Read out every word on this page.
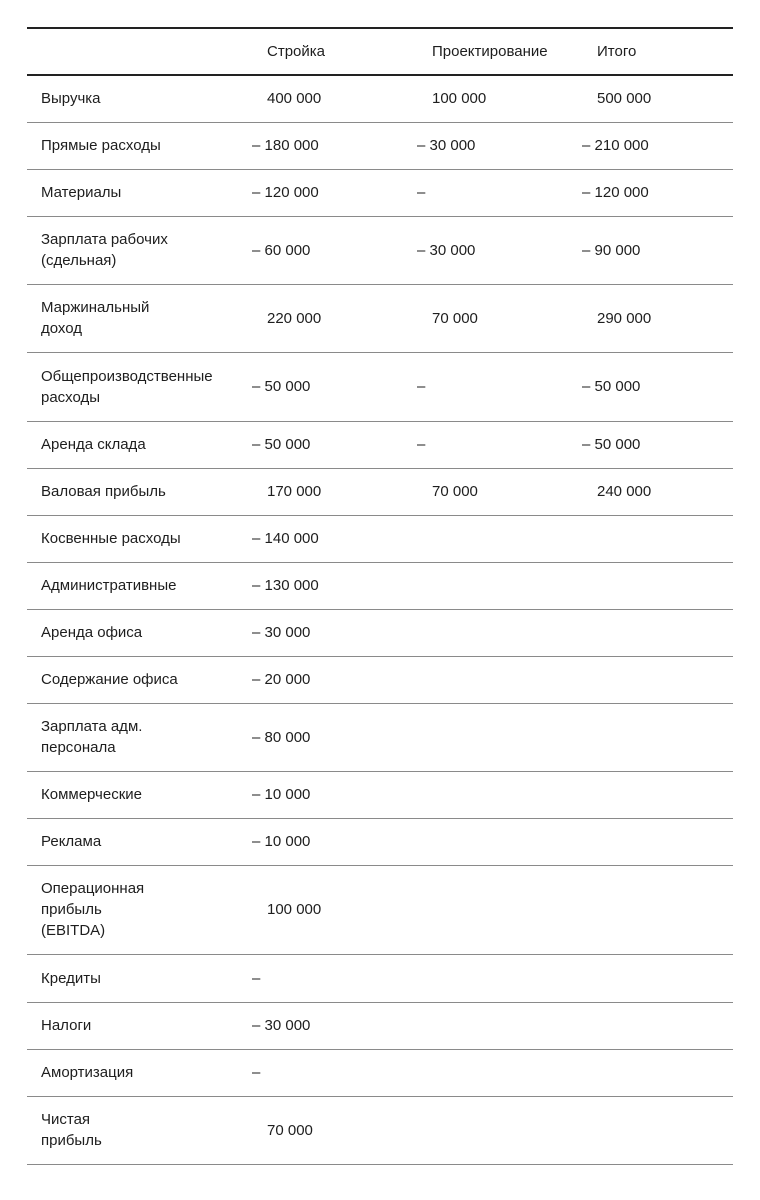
	Стройка	Проектирование	Итого

Выручка	400 000	100 000	500 000

Прямые расходы	– 180 000	– 30 000	– 210 000

Материалы	– 120 000	–	– 120 000

Зарплата рабочих
(сдельная)	– 60 000	– 30 000	– 90 000

Маржинальный
доход	220 000	70 000	290 000

Общепроизводственные
расходы	– 50 000	–	– 50 000

Аренда склада	– 50 000	–	– 50 000

Валовая прибыль	170 000	70 000	240 000

Косвенные расходы	– 140 000		

Административные	– 130 000		

Аренда офиса	– 30 000		

Содержание офиса	– 20 000		

Зарплата адм.
персонала	– 80 000		

Коммерческие	– 10 000		

Реклама	– 10 000		

Операционная
прибыль
(EBITDA)	100 000		

Кредиты	–		

Налоги	– 30 000		

Амортизация	–		

Чистая
прибыль	70 000		
